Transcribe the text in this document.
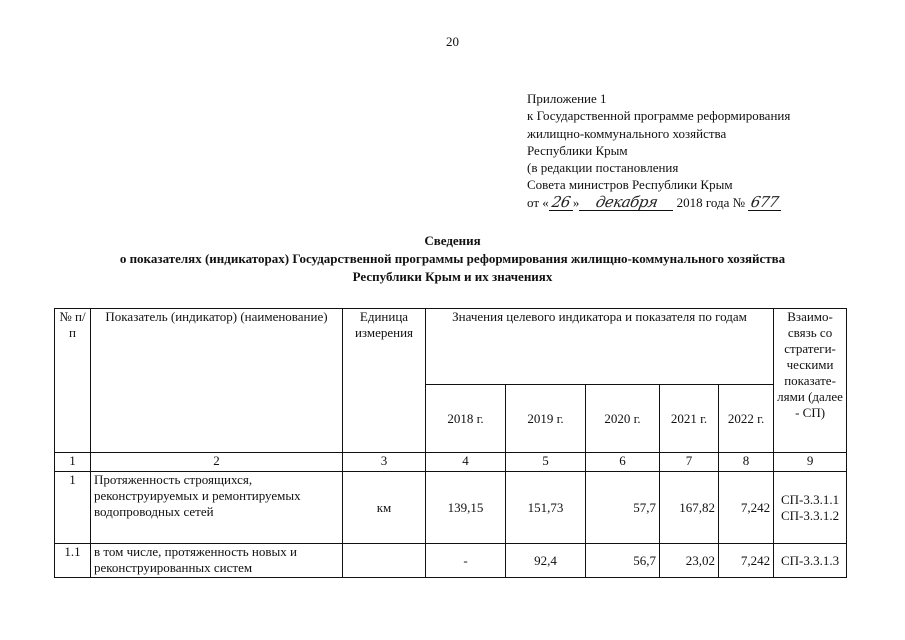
20
Приложение 1
к Государственной программе реформирования
жилищно-коммунального хозяйства
Республики Крым
(в редакции постановления
Совета министров Республики Крым
от «26» декабря 2018 года № 677
Сведения
о показателях (индикаторах) Государственной программы реформирования жилищно-коммунального хозяйства
Республики Крым и их значениях
№ п/п	Показатель (индикатор) (наименование)	Единица измерения	Значения целевого индикатора и показателя по годам					Взаимо-связь со стратеги-ческими показате-лями (далее - СП)
			2018 г.	2019 г.	2020 г.	2021 г.	2022 г.	
1	2	3	4	5	6	7	8	9
1	Протяженность строящихся, реконструируемых и ремонтируемых водопроводных сетей	км	139,15	151,73	57,7	167,82	7,242	СП-3.3.1.1 СП-3.3.1.2
1.1	в том числе, протяженность новых и реконструированных систем		-	92,4	56,7	23,02	7,242	СП-3.3.1.3
